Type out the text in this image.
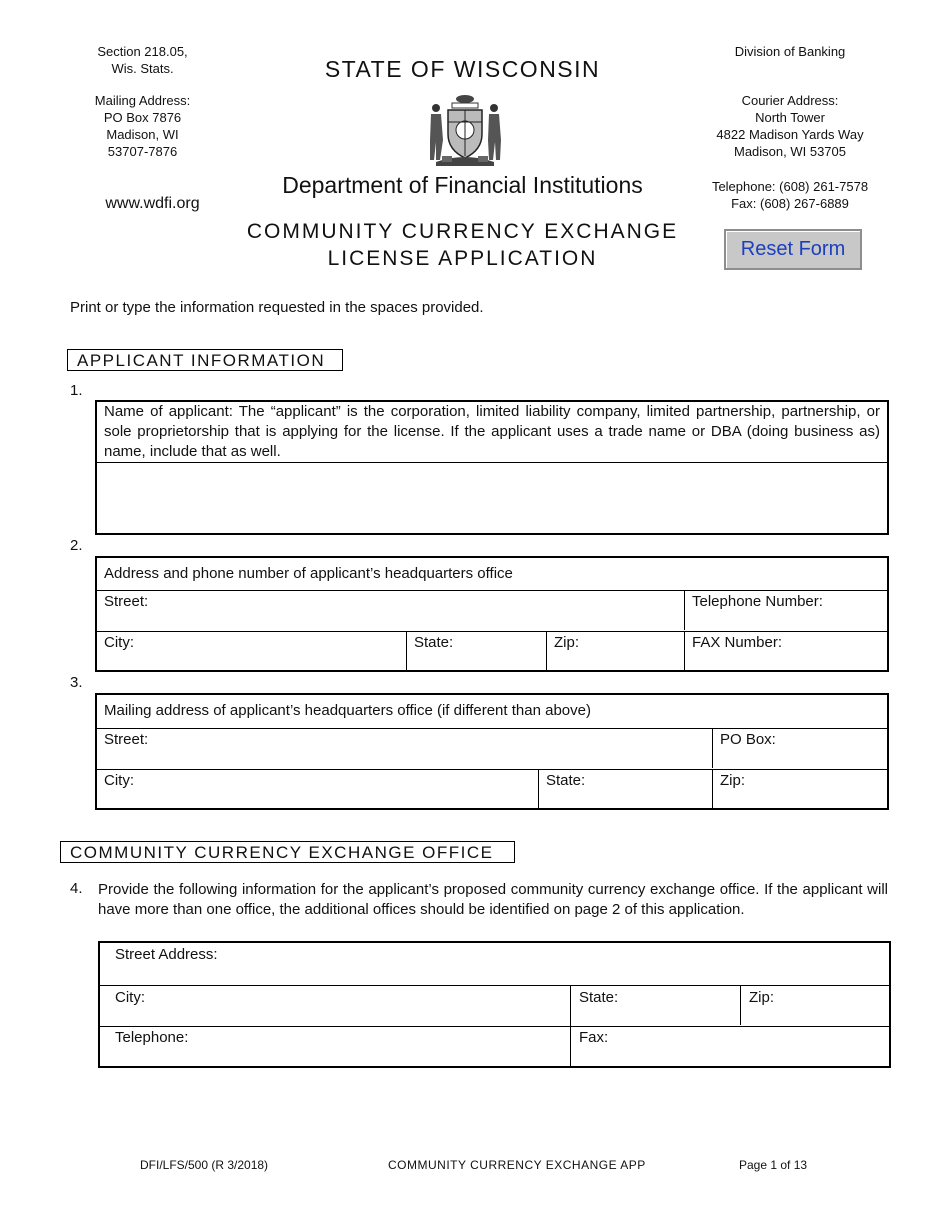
Section 218.05,
Wis. Stats.
Mailing Address:
PO Box 7876
Madison, WI
53707-7876
www.wdfi.org
STATE OF WISCONSIN
Department of Financial Institutions
COMMUNITY CURRENCY EXCHANGE
LICENSE APPLICATION
Division of Banking
Courier Address:
North Tower
4822 Madison Yards Way
Madison, WI 53705
Telephone: (608) 261-7578
Fax: (608) 267-6889
Reset Form
Print or type the information requested in the spaces provided.
APPLICANT INFORMATION
1.
Name of applicant: The “applicant” is the corporation, limited liability company, limited partnership, partnership, or sole proprietorship that is applying for the license. If the applicant uses a trade name or DBA (doing business as) name, include that as well.
2.
Address and phone number of applicant’s headquarters office
Street:	Telephone Number:
City:	State:	Zip:	FAX Number:
3.
Mailing address of applicant’s headquarters office (if different than above)
Street:	PO Box:
City:	State:	Zip:
COMMUNITY CURRENCY EXCHANGE OFFICE
4. Provide the following information for the applicant’s proposed community currency exchange office. If the applicant will have more than one office, the additional offices should be identified on page 2 of this application.
Street Address:
City:	State:	Zip:
Telephone:	Fax:
DFI/LFS/500 (R 3/2018)	COMMUNITY CURRENCY EXCHANGE APP	Page 1 of 13
